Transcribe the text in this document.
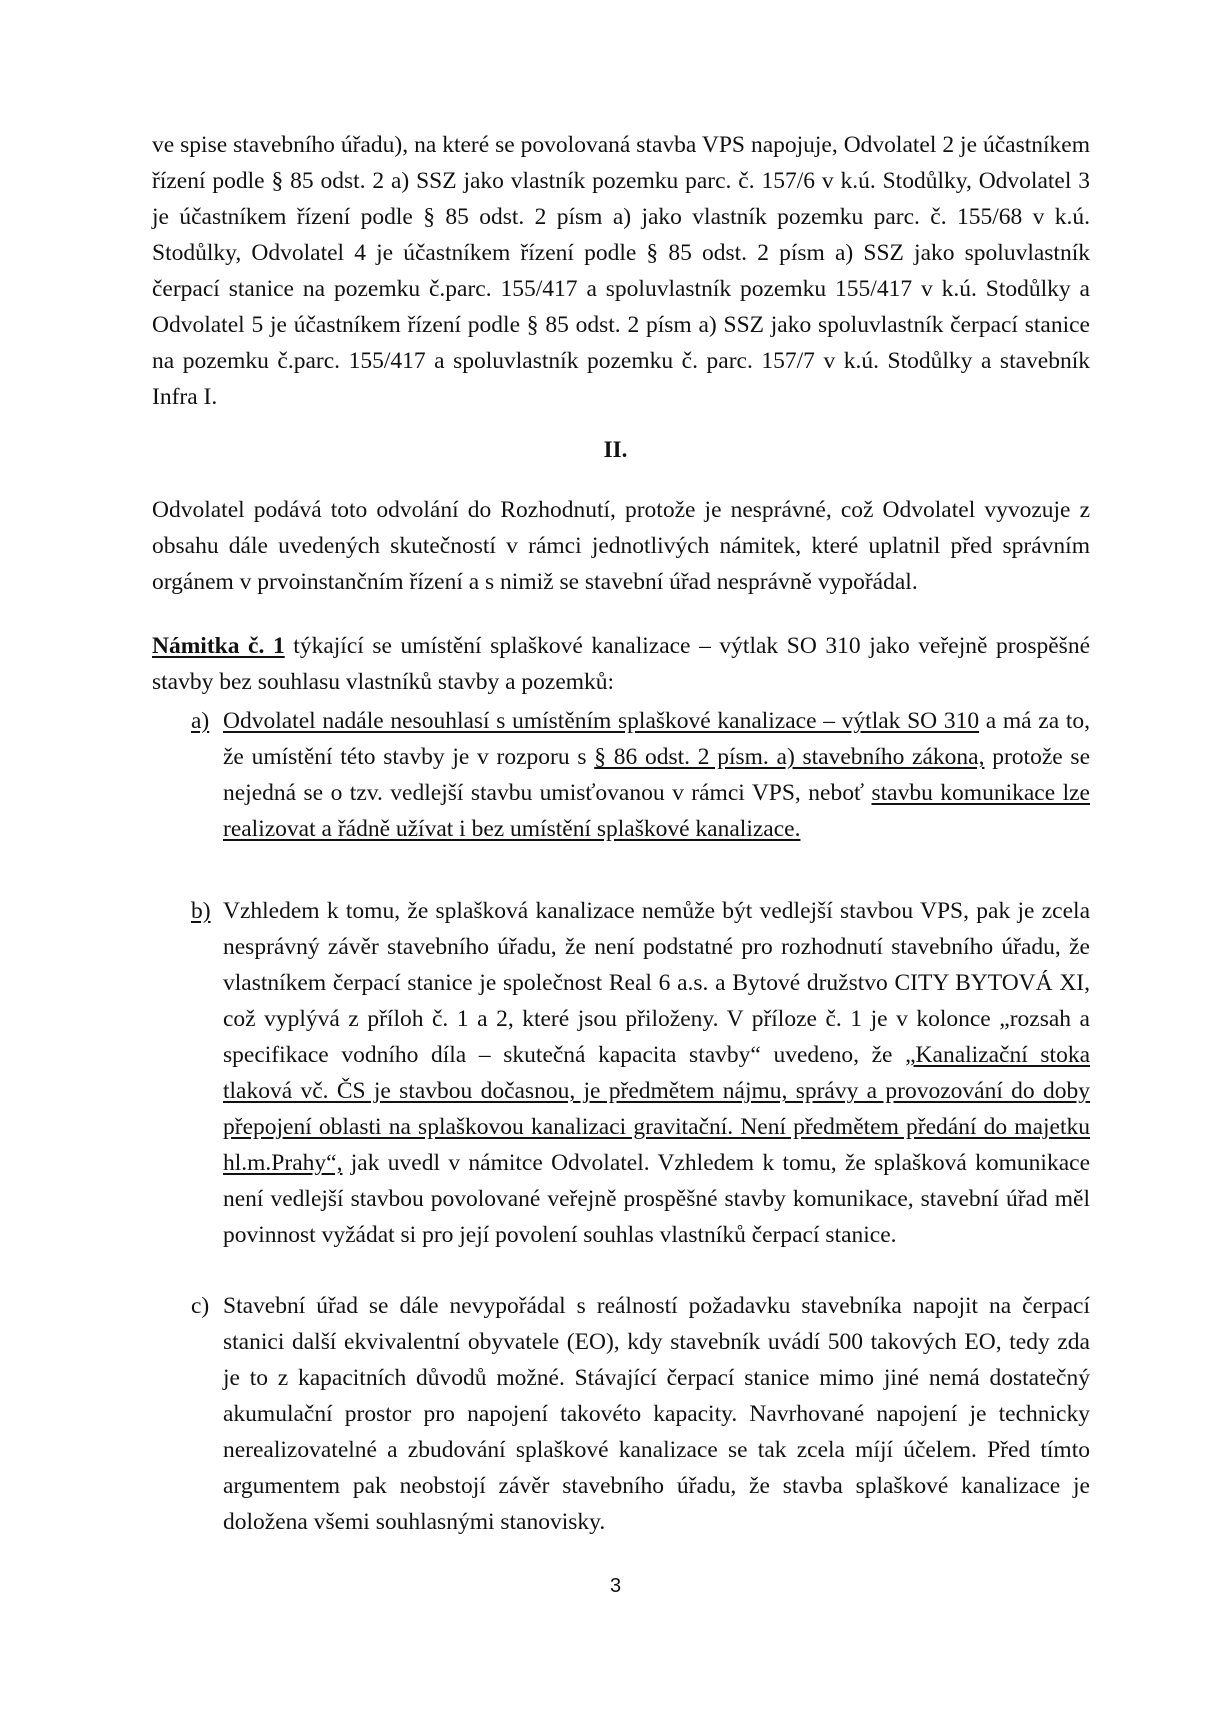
ve spise stavebního úřadu), na které se povolovaná stavba VPS napojuje, Odvolatel 2 je účastníkem řízení podle § 85 odst. 2 a) SSZ jako vlastník pozemku parc. č. 157/6 v k.ú. Stodůlky, Odvolatel 3 je účastníkem řízení podle § 85 odst. 2 písm a) jako vlastník pozemku parc. č. 155/68 v k.ú. Stodůlky, Odvolatel 4 je účastníkem řízení podle § 85 odst. 2 písm a) SSZ jako spoluvlastník čerpací stanice na pozemku č.parc. 155/417 a spoluvlastník pozemku 155/417 v k.ú. Stodůlky a Odvolatel 5 je účastníkem řízení podle § 85 odst. 2 písm a) SSZ jako spoluvlastník čerpací stanice na pozemku č.parc. 155/417 a spoluvlastník pozemku č. parc. 157/7 v k.ú. Stodůlky a stavebník Infra I.

II.

Odvolatel podává toto odvolání do Rozhodnutí, protože je nesprávné, což Odvolatel vyvozuje z obsahu dále uvedených skutečností v rámci jednotlivých námitek, které uplatnil před správním orgánem v prvoinstančním řízení a s nimiž se stavební úřad nesprávně vypořádal.

Námitka č. 1 týkající se umístění splaškové kanalizace – výtlak SO 310 jako veřejně prospěšné stavby bez souhlasu vlastníků stavby a pozemků:

a) Odvolatel nadále nesouhlasí s umístěním splaškové kanalizace – výtlak SO 310 a má za to, že umístění této stavby je v rozporu s § 86 odst. 2 písm. a) stavebního zákona, protože se nejedná se o tzv. vedlejší stavbu umisťovanou v rámci VPS, neboť stavbu komunikace lze realizovat a řádně užívat i bez umístění splaškové kanalizace.
b) Vzhledem k tomu, že splašková kanalizace nemůže být vedlejší stavbou VPS, pak je zcela nesprávný závěr stavebního úřadu, že není podstatné pro rozhodnutí stavebního úřadu, že vlastníkem čerpací stanice je společnost Real 6 a.s. a Bytové družstvo CITY BYTOVÁ XI, což vyplývá z příloh č. 1 a 2, které jsou přiloženy. V příloze č. 1 je v kolonce „rozsah a specifikace vodního díla – skutečná kapacita stavby“ uvedeno, že „Kanalizační stoka tlaková vč. ČS je stavbou dočasnou, je předmětem nájmu, správy a provozování do doby přepojení oblasti na splaškovou kanalizaci gravitační. Není předmětem předání do majetku hl.m.Prahy“, jak uvedl v námitce Odvolatel. Vzhledem k tomu, že splašková komunikace není vedlejší stavbou povolované veřejně prospěšné stavby komunikace, stavební úřad měl povinnost vyžádat si pro její povolení souhlas vlastníků čerpací stanice.
c) Stavební úřad se dále nevypořádal s reálností požadavku stavebníka napojit na čerpací stanici další ekvivalentní obyvatele (EO), kdy stavebník uvádí 500 takových EO, tedy zda je to z kapacitních důvodů možné. Stávající čerpací stanice mimo jiné nemá dostatečný akumulační prostor pro napojení takovéto kapacity. Navrhované napojení je technicky nerealizovatelné a zbudování splaškové kanalizace se tak zcela míjí účelem. Před tímto argumentem pak neobstojí závěr stavebního úřadu, že stavba splaškové kanalizace je doložena všemi souhlasnými stanovisky.

3
